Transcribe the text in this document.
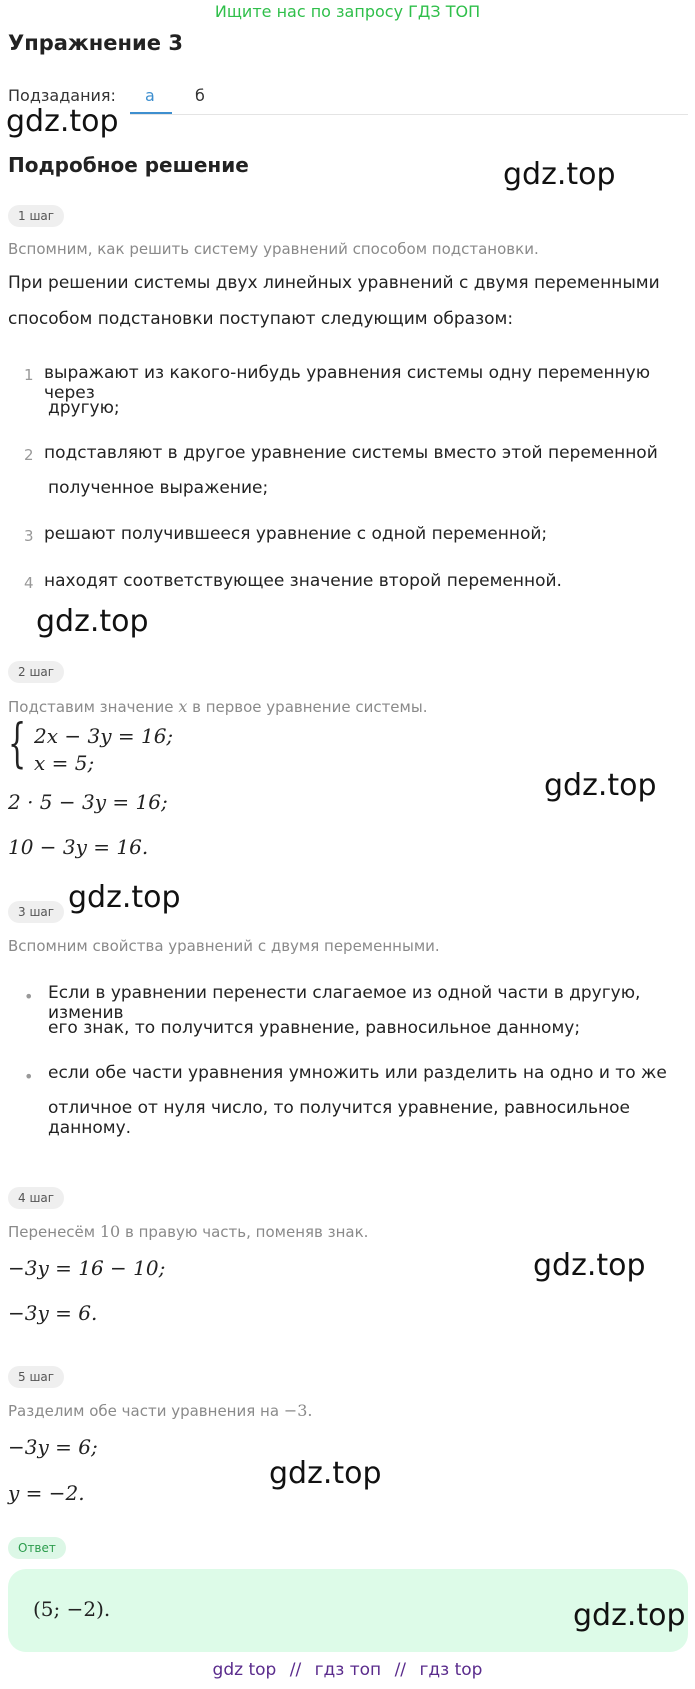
Ищите нас по запросу ГДЗ ТОП
Упражнение 3
Подзадания: а	б
gdz.top
Подробное решение	gdz.top
1 шаг
Вспомним, как решить систему уравнений способом подстановки.
При решении системы двух линейных уравнений с двумя переменными
способом подстановки поступают следующим образом:
1 выражают из какого-нибудь уравнения системы одну переменную через
другую;
2 подставляют в другое уравнение системы вместо этой переменной
полученное выражение;
3 решают получившееся уравнение с одной переменной;
4 находят соответствующее значение второй переменной.
gdz.top
2 шаг
Подставим значение x в первое уравнение системы.
{ 2x − 3y = 16;
x = 5;
2 · 5 − 3y = 16;
10 − 3y = 16.
gdz.top
3 шаг gdz.top
Вспомним свойства уравнений с двумя переменными.
• Если в уравнении перенести слагаемое из одной части в другую, изменив
его знак, то получится уравнение, равносильное данному;
• если обе части уравнения умножить или разделить на одно и то же
отличное от нуля число, то получится уравнение, равносильное данному.
4 шаг
Перенесём 10 в правую часть, поменяв знак.
−3y = 16 − 10;
−3y = 6.
gdz.top
5 шаг
Разделим обе части уравнения на −3.
−3y = 6;
y = −2.
gdz.top
Ответ
(5; −2).	gdz.top
gdz top // гдз топ // гдз top
